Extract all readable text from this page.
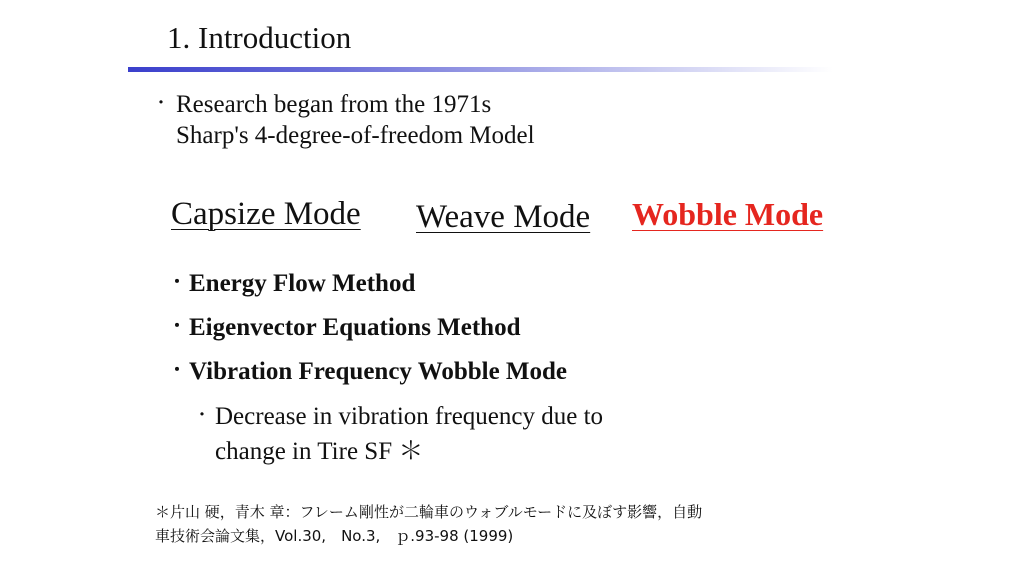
1. Introduction
・ Research began from the 1971s
Sharp's 4-degree-of-freedom Model
Capsize Mode Weave Mode Wobble Mode
・ Energy Flow Method
・ Eigenvector Equations Method
・ Vibration Frequency Wobble Mode
・ Decrease in vibration frequency due to
change in Tire SF ＊
＊片山 硬，青木 章：フレーム剛性が二輪車のウォブルモードに及ぼす影響，自動
車技術会論文集，Vol.30,　No.3,　ｐ.93-98 (1999)
